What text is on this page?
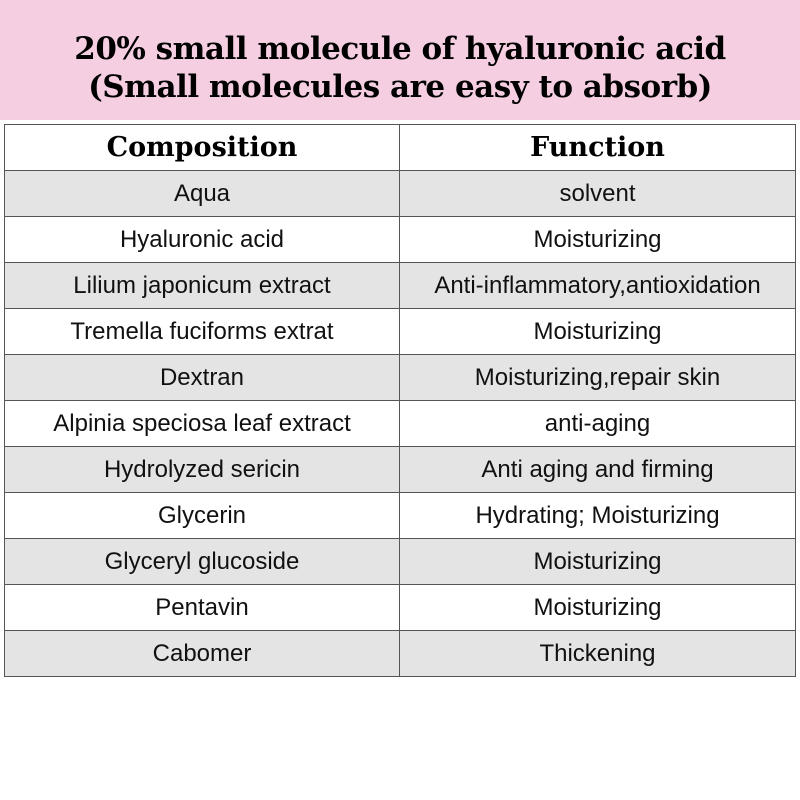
20% small molecule of hyaluronic acid
(Small molecules are easy to absorb)
Composition	Function
Aqua	solvent
Hyaluronic acid	Moisturizing
Lilium japonicum extract	Anti-inflammatory,antioxidation
Tremella fuciforms extrat	Moisturizing
Dextran	Moisturizing,repair skin
Alpinia speciosa leaf extract	anti-aging
Hydrolyzed sericin	Anti aging and firming
Glycerin	Hydrating; Moisturizing
Glyceryl glucoside	Moisturizing
Pentavin	Moisturizing
Cabomer	Thickening
